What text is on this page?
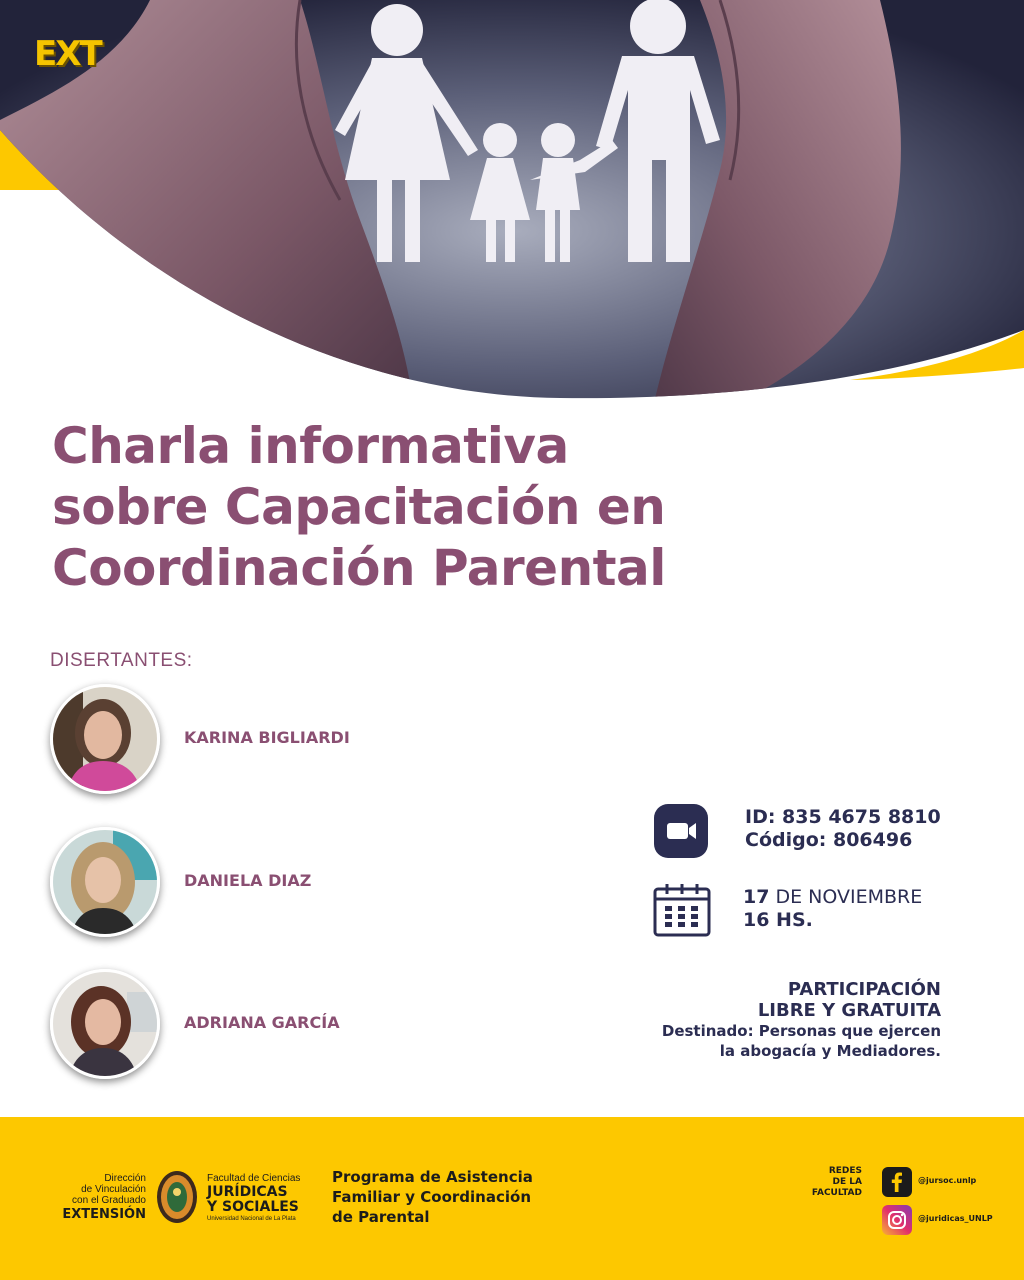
EXT
Charla informativa
sobre Capacitación en
Coordinación Parental
DISERTANTES:
KARINA BIGLIARDI
DANIELA DIAZ
ADRIANA GARCÍA
ID: 835 4675 8810
Código: 806496
17 DE NOVIEMBRE
16 HS.
PARTICIPACIÓN
LIBRE Y GRATUITA
Destinado: Personas que ejercen
la abogacía y Mediadores.
Dirección
de Vinculación
con el Graduado
EXTENSIÓN
Facultad de Ciencias
JURÍDICAS
Y SOCIALES
Universidad Nacional de La Plata
Programa de Asistencia
Familiar y Coordinación
de Parental
REDES
DE LA
FACULTAD
@jursoc.unlp
@juridicas_UNLP
